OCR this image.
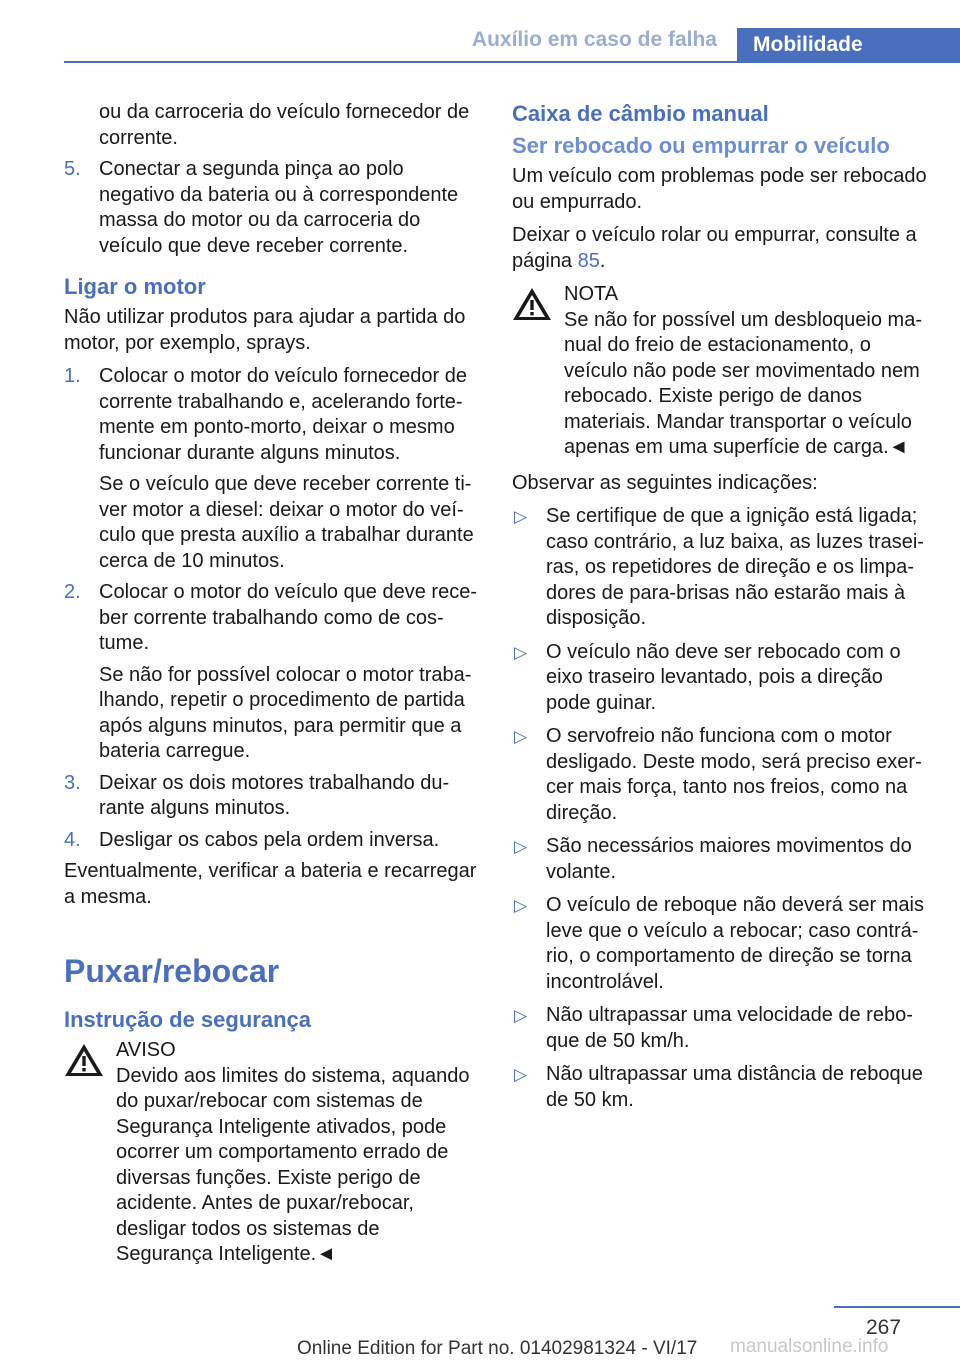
Auxílio em caso de falha	Mobilidade
ou da carroceria do veículo fornecedor de corrente.
5. Conectar a segunda pinça ao polo negativo da bateria ou à correspondente massa do motor ou da carroceria do veículo que deve receber corrente.
Ligar o motor

Não utilizar produtos para ajudar a partida do motor, por exemplo, sprays.

1. Colocar o motor do veículo fornecedor de corrente trabalhando e, acelerando fortemente em ponto-morto, deixar o mesmo funcionar durante alguns minutos.
Se o veículo que deve receber corrente tiver motor a diesel: deixar o motor do veículo que presta auxílio a trabalhar durante cerca de 10 minutos.
2. Colocar o motor do veículo que deve receber corrente trabalhando como de costume.
Se não for possível colocar o motor trabalhando, repetir o procedimento de partida após alguns minutos, para permitir que a bateria carregue.
3. Deixar os dois motores trabalhando durante alguns minutos.
4. Desligar os cabos pela ordem inversa.

Eventualmente, verificar a bateria e recarregar a mesma.

Puxar/rebocar
Instrução de segurança
AVISO
Devido aos limites do sistema, aquando do puxar/rebocar com sistemas de Segurança Inteligente ativados, pode ocorrer um comportamento errado de diversas funções. Existe perigo de acidente. Antes de puxar/rebocar, desligar todos os sistemas de Segurança Inteligente.◄
Caixa de câmbio manual
Ser rebocado ou empurrar o veículo

Um veículo com problemas pode ser rebocado ou empurrado.

Deixar o veículo rolar ou empurrar, consulte a página 85.

NOTA
Se não for possível um desbloqueio manual do freio de estacionamento, o veículo não pode ser movimentado nem rebocado. Existe perigo de danos materiais. Mandar transportar o veículo apenas em uma superfície de carga.◄

Observar as seguintes indicações:

▷ Se certifique de que a ignição está ligada; caso contrário, a luz baixa, as luzes traseiras, os repetidores de direção e os limpadores de para-brisas não estarão mais à disposição.
▷ O veículo não deve ser rebocado com o eixo traseiro levantado, pois a direção pode guinar.
▷ O servofreio não funciona com o motor desligado. Deste modo, será preciso exercer mais força, tanto nos freios, como na direção.
▷ São necessários maiores movimentos do volante.
▷ O veículo de reboque não deverá ser mais leve que o veículo a rebocar; caso contrário, o comportamento de direção se torna incontrolável.
▷ Não ultrapassar uma velocidade de reboque de 50 km/h.
▷ Não ultrapassar uma distância de reboque de 50 km.
267
manualsonline.info
Online Edition for Part no. 01402981324 - VI/17
